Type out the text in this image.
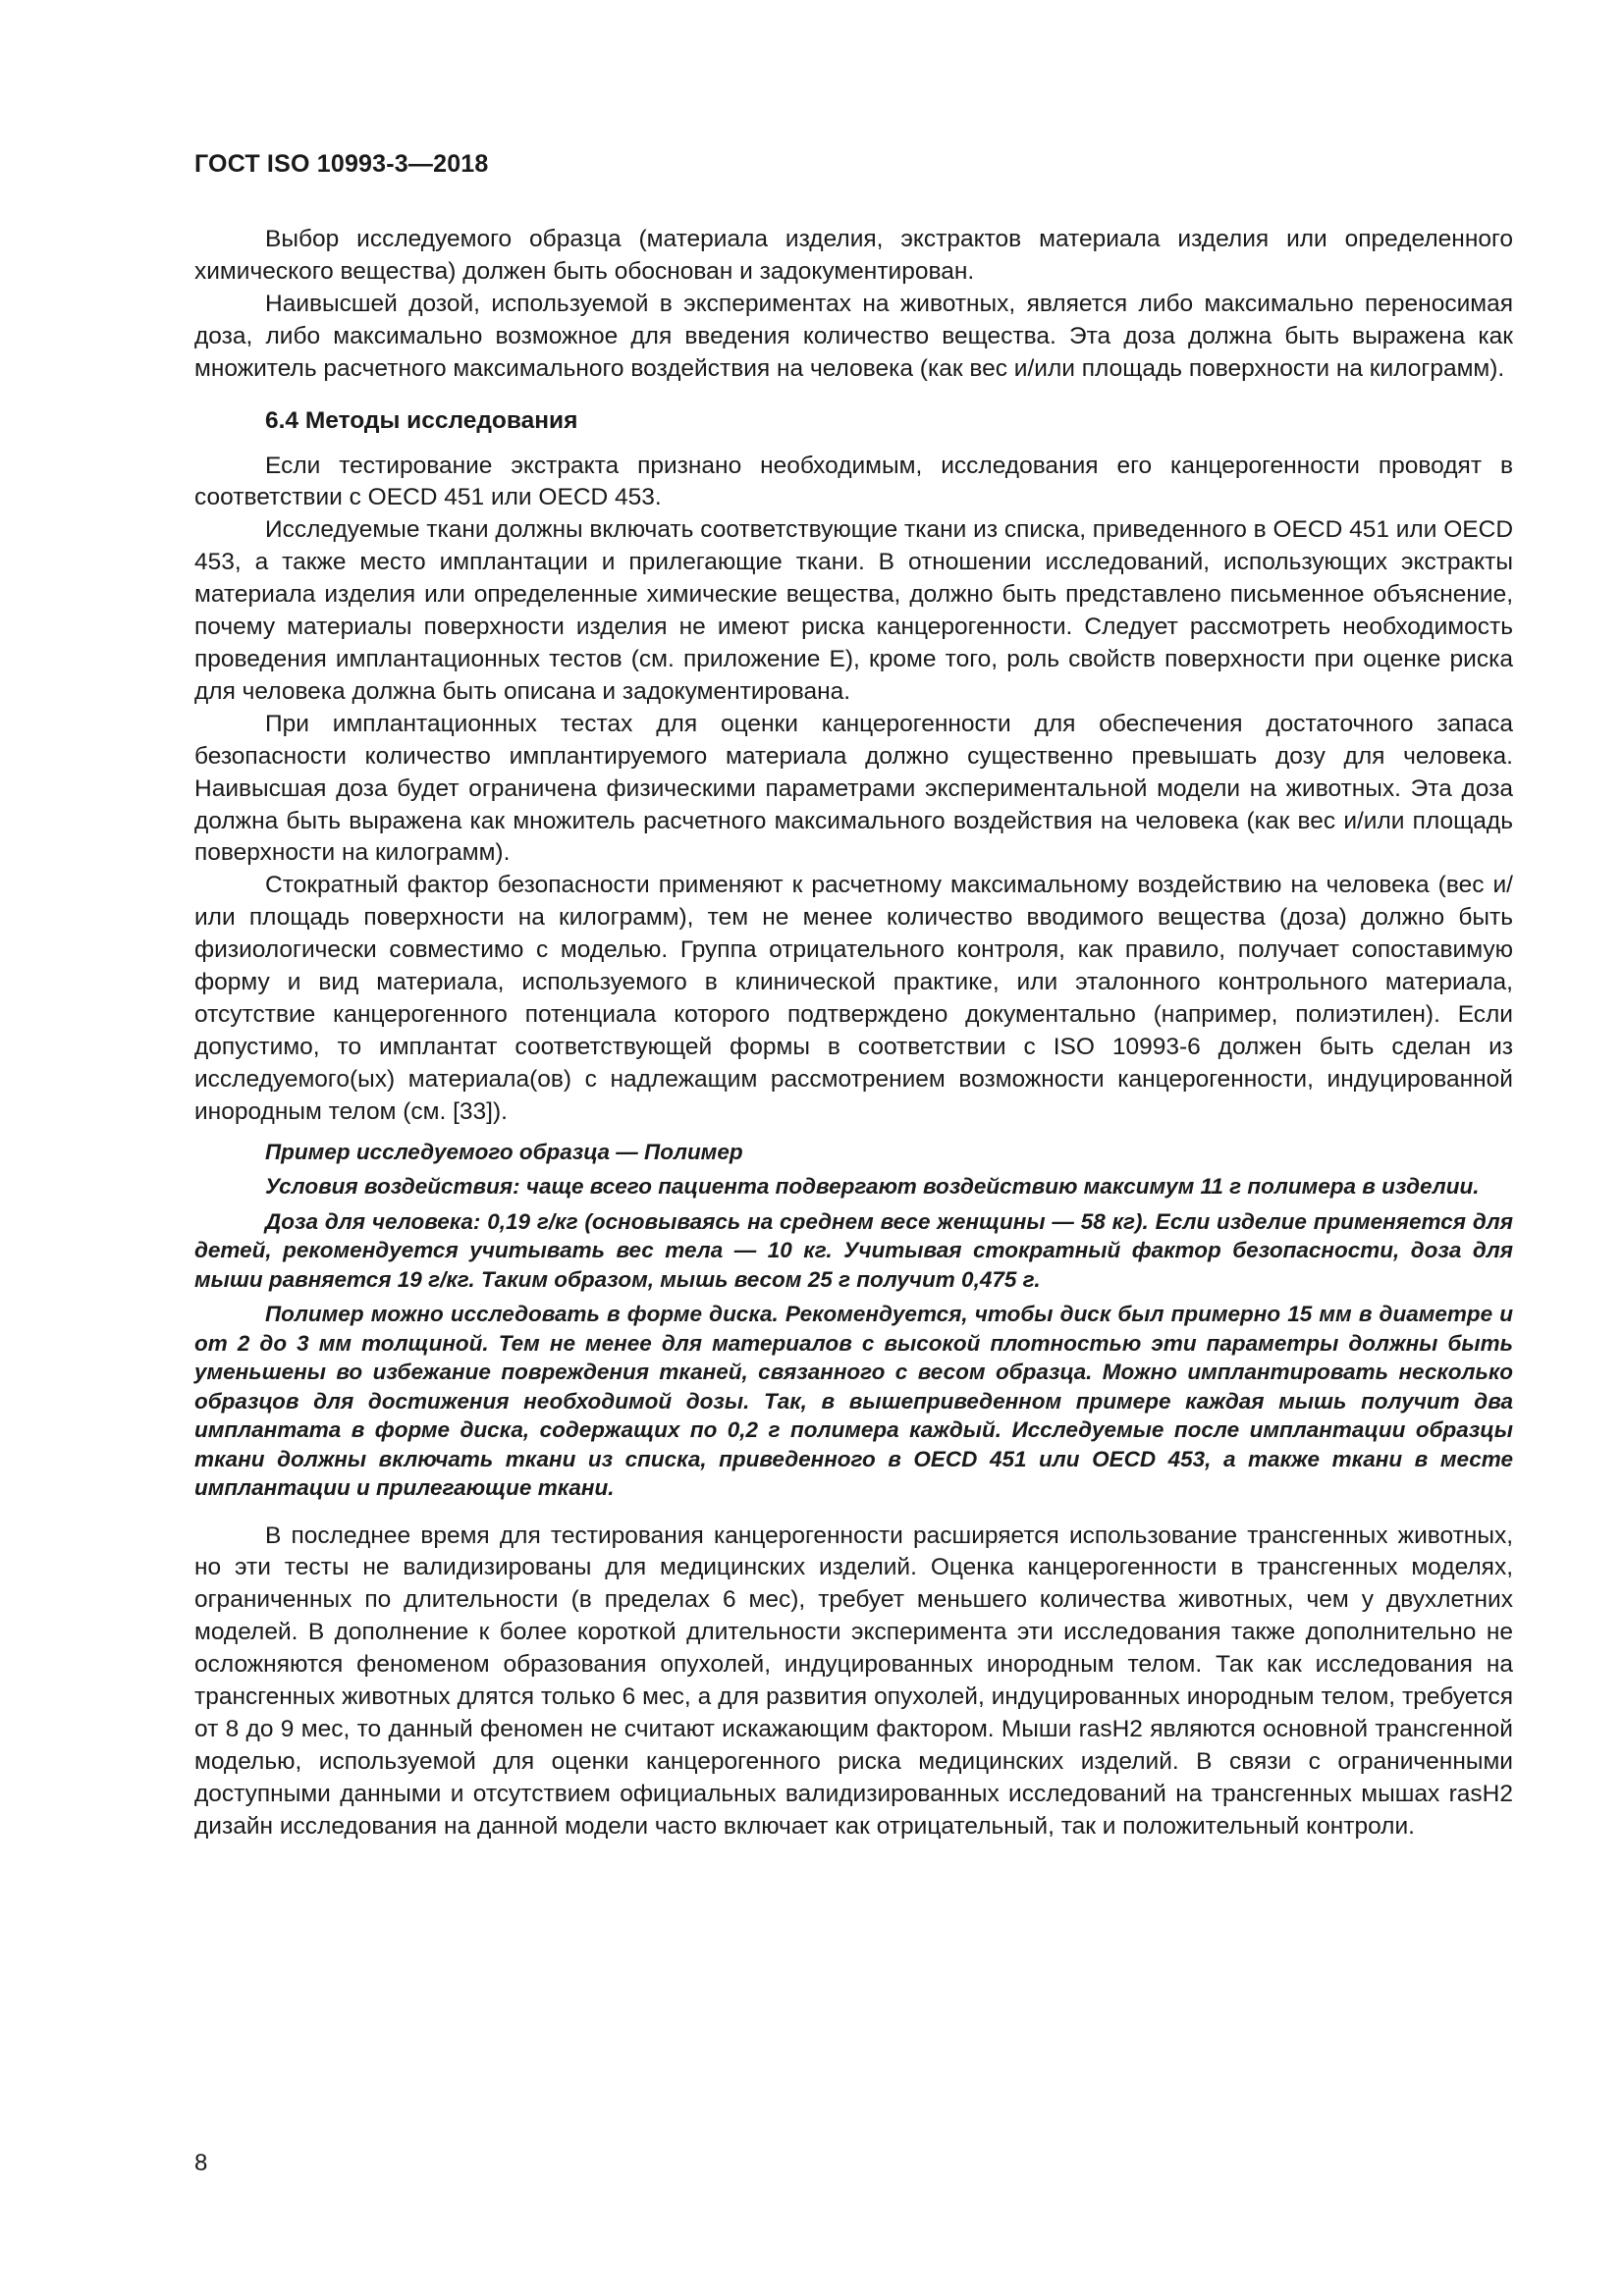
ГОСТ ISO 10993-3—2018

Выбор исследуемого образца (материала изделия, экстрактов материала изделия или определенного химического вещества) должен быть обоснован и задокументирован.

Наивысшей дозой, используемой в экспериментах на животных, является либо максимально переносимая доза, либо максимально возможное для введения количество вещества. Эта доза должна быть выражена как множитель расчетного максимального воздействия на человека (как вес и/или площадь поверхности на килограмм).

6.4 Методы исследования

Если тестирование экстракта признано необходимым, исследования его канцерогенности проводят в соответствии с OECD 451 или OECD 453.

Исследуемые ткани должны включать соответствующие ткани из списка, приведенного в OECD 451 или OECD 453, а также место имплантации и прилегающие ткани. В отношении исследований, использующих экстракты материала изделия или определенные химические вещества, должно быть представлено письменное объяснение, почему материалы поверхности изделия не имеют риска канцерогенности. Следует рассмотреть необходимость проведения имплантационных тестов (см. приложение Е), кроме того, роль свойств поверхности при оценке риска для человека должна быть описана и задокументирована.

При имплантационных тестах для оценки канцерогенности для обеспечения достаточного запаса безопасности количество имплантируемого материала должно существенно превышать дозу для человека. Наивысшая доза будет ограничена физическими параметрами экспериментальной модели на животных. Эта доза должна быть выражена как множитель расчетного максимального воздействия на человека (как вес и/или площадь поверхности на килограмм).

Стократный фактор безопасности применяют к расчетному максимальному воздействию на человека (вес и/или площадь поверхности на килограмм), тем не менее количество вводимого вещества (доза) должно быть физиологически совместимо с моделью. Группа отрицательного контроля, как правило, получает сопоставимую форму и вид материала, используемого в клинической практике, или эталонного контрольного материала, отсутствие канцерогенного потенциала которого подтверждено документально (например, полиэтилен). Если допустимо, то имплантат соответствующей формы в соответствии с ISO 10993-6 должен быть сделан из исследуемого(ых) материала(ов) с надлежащим рассмотрением возможности канцерогенности, индуцированной инородным телом (см. [33]).

Пример исследуемого образца — Полимер

Условия воздействия: чаще всего пациента подвергают воздействию максимум 11 г полимера в изделии.

Доза для человека: 0,19 г/кг (основываясь на среднем весе женщины — 58 кг). Если изделие применяется для детей, рекомендуется учитывать вес тела — 10 кг. Учитывая стократный фактор безопасности, доза для мыши равняется 19 г/кг. Таким образом, мышь весом 25 г получит 0,475 г.

Полимер можно исследовать в форме диска. Рекомендуется, чтобы диск был примерно 15 мм в диаметре и от 2 до 3 мм толщиной. Тем не менее для материалов с высокой плотностью эти параметры должны быть уменьшены во избежание повреждения тканей, связанного с весом образца. Можно имплантировать несколько образцов для достижения необходимой дозы. Так, в вышеприведенном примере каждая мышь получит два имплантата в форме диска, содержащих по 0,2 г полимера каждый. Исследуемые после имплантации образцы ткани должны включать ткани из списка, приведенного в OECD 451 или OECD 453, а также ткани в месте имплантации и прилегающие ткани.

В последнее время для тестирования канцерогенности расширяется использование трансгенных животных, но эти тесты не валидизированы для медицинских изделий. Оценка канцерогенности в трансгенных моделях, ограниченных по длительности (в пределах 6 мес), требует меньшего количества животных, чем у двухлетних моделей. В дополнение к более короткой длительности эксперимента эти исследования также дополнительно не осложняются феноменом образования опухолей, индуцированных инородным телом. Так как исследования на трансгенных животных длятся только 6 мес, а для развития опухолей, индуцированных инородным телом, требуется от 8 до 9 мес, то данный феномен не считают искажающим фактором. Мыши rasH2 являются основной трансгенной моделью, используемой для оценки канцерогенного риска медицинских изделий. В связи с ограниченными доступными данными и отсутствием официальных валидизированных исследований на трансгенных мышах rasH2 дизайн исследования на данной модели часто включает как отрицательный, так и положительный контроли.

8
